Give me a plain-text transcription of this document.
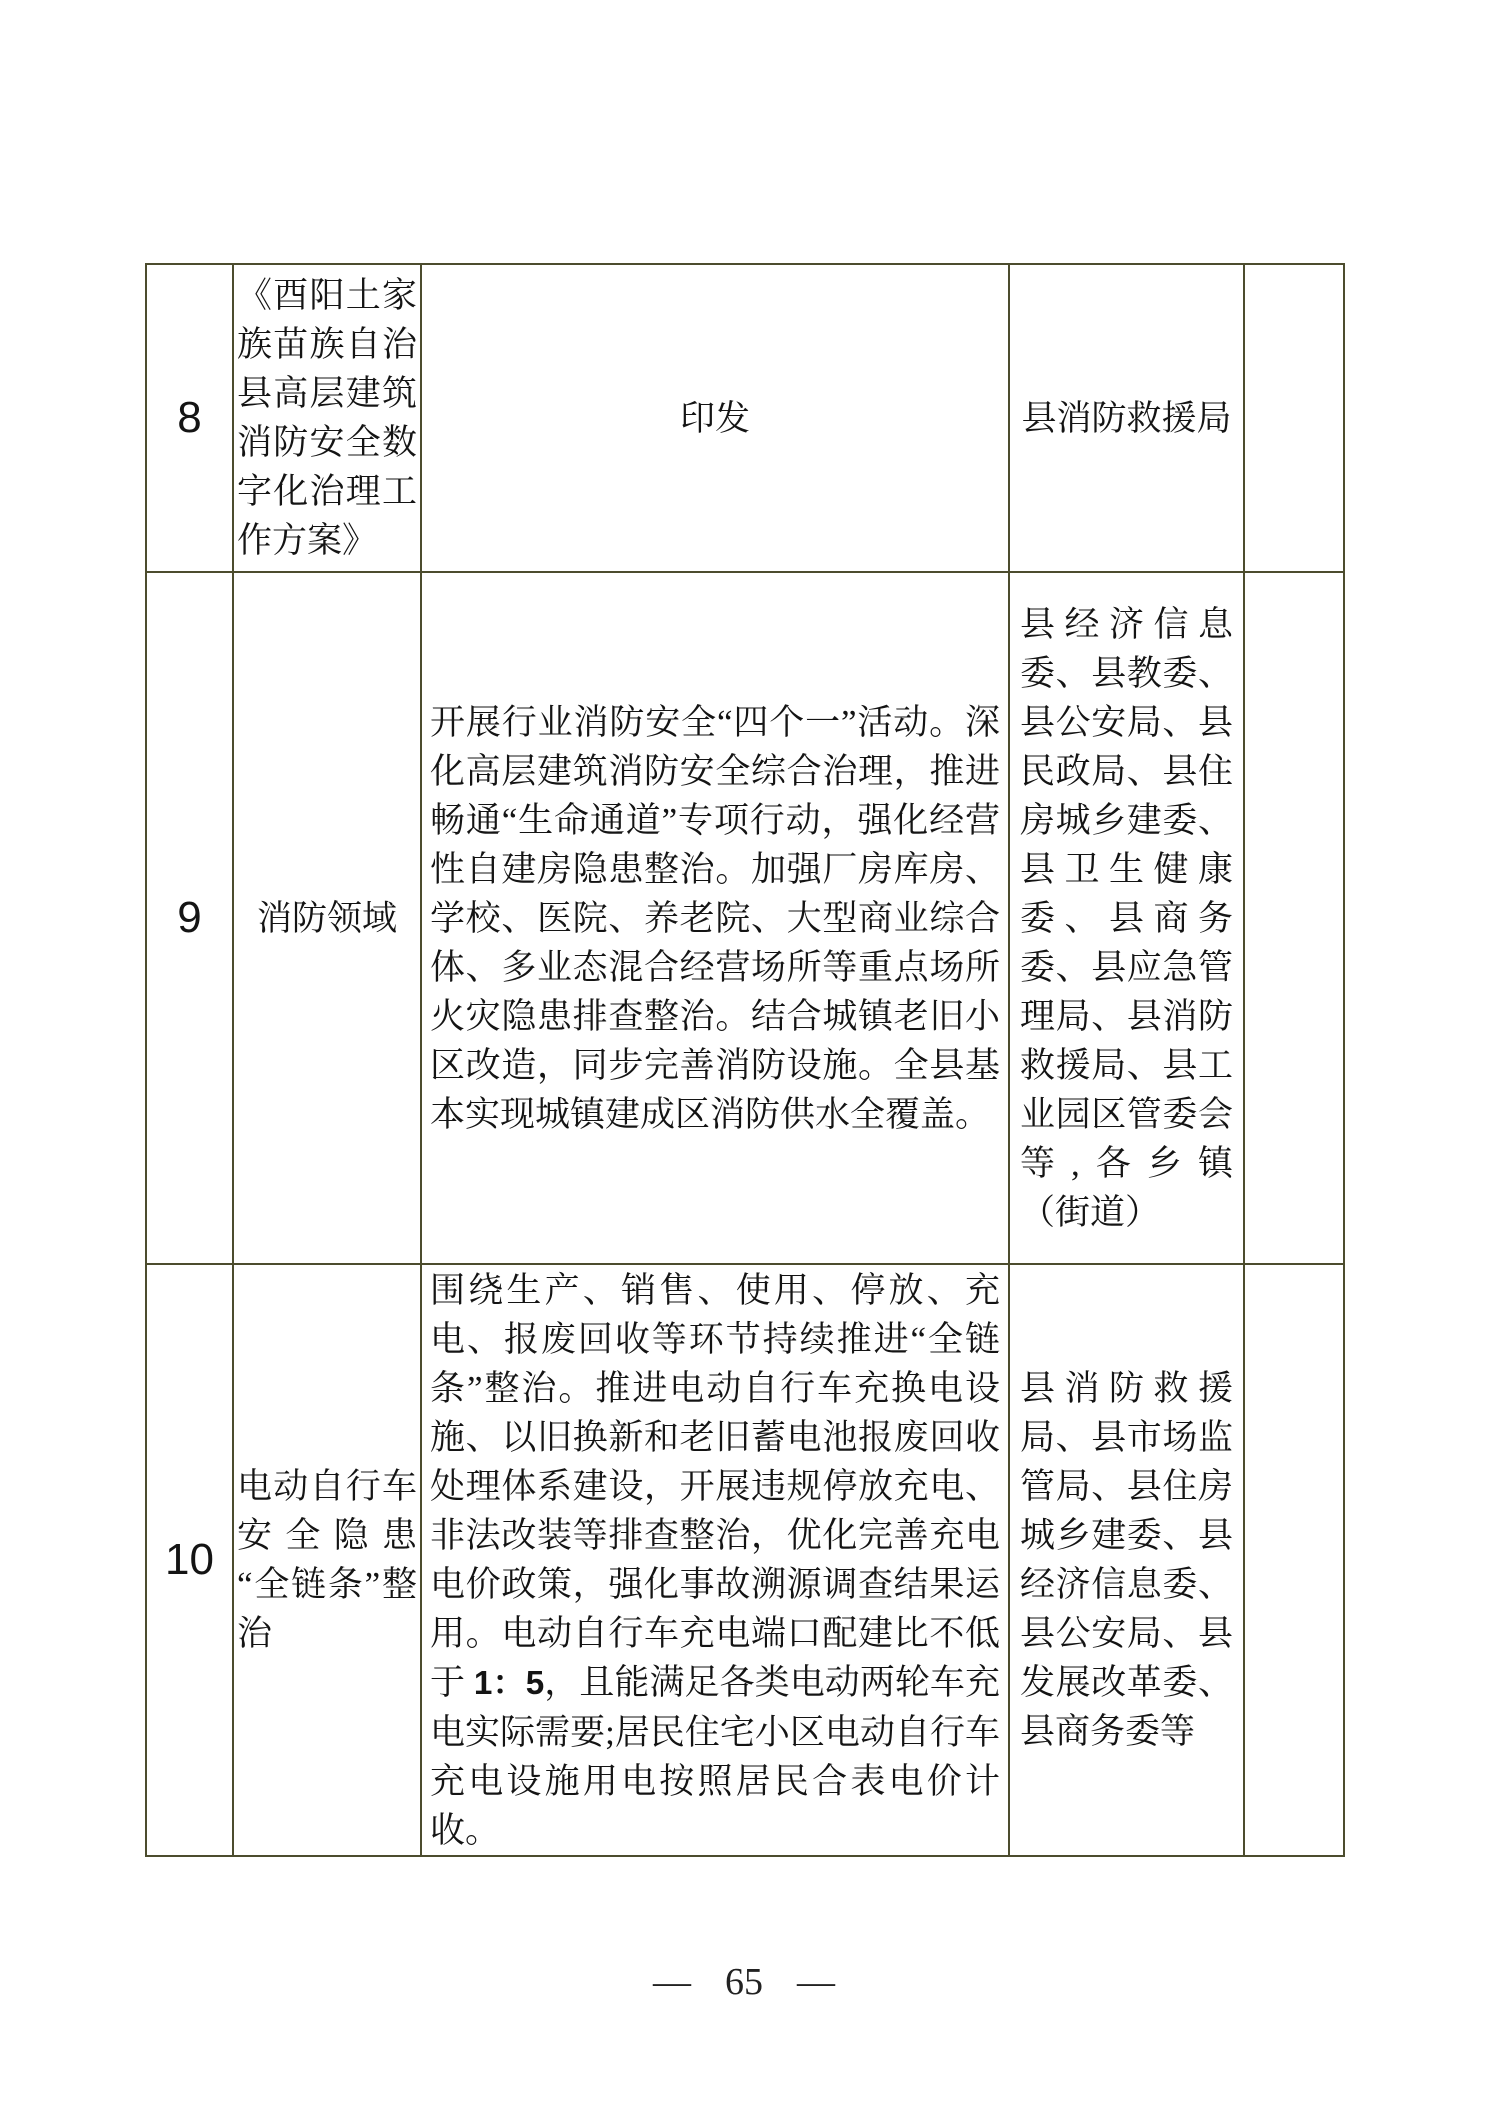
8	《酉阳土家族苗族自治县高层建筑消防安全数字化治理工作方案》	印发	县消防救援局	
9	消防领域	开展行业消防安全“四个一”活动。深化高层建筑消防安全综合治理，推进畅通“生命通道”专项行动，强化经营性自建房隐患整治。加强厂房库房、学校、医院、养老院、大型商业综合体、多业态混合经营场所等重点场所火灾隐患排查整治。结合城镇老旧小区改造，同步完善消防设施。全县基本实现城镇建成区消防供水全覆盖。	县经济信息委、县教委、县公安局、县民政局、县住房城乡建委、县卫生健康委、县商务委、县应急管理局、县消防救援局、县工业园区管委会等,各乡镇（街道）	
10	电动自行车安全隐患“全链条”整治	围绕生产、销售、使用、停放、充电、报废回收等环节持续推进“全链条”整治。推进电动自行车充换电设施、以旧换新和老旧蓄电池报废回收处理体系建设，开展违规停放充电、非法改装等排查整治，优化完善充电电价政策，强化事故溯源调查结果运用。电动自行车充电端口配建比不低于 1：5，且能满足各类电动两轮车充电实际需要;居民住宅小区电动自行车充电设施用电按照居民合表电价计收。	县消防救援局、县市场监管局、县住房城乡建委、县经济信息委、县公安局、县发展改革委、县商务委等	
— 65 —
